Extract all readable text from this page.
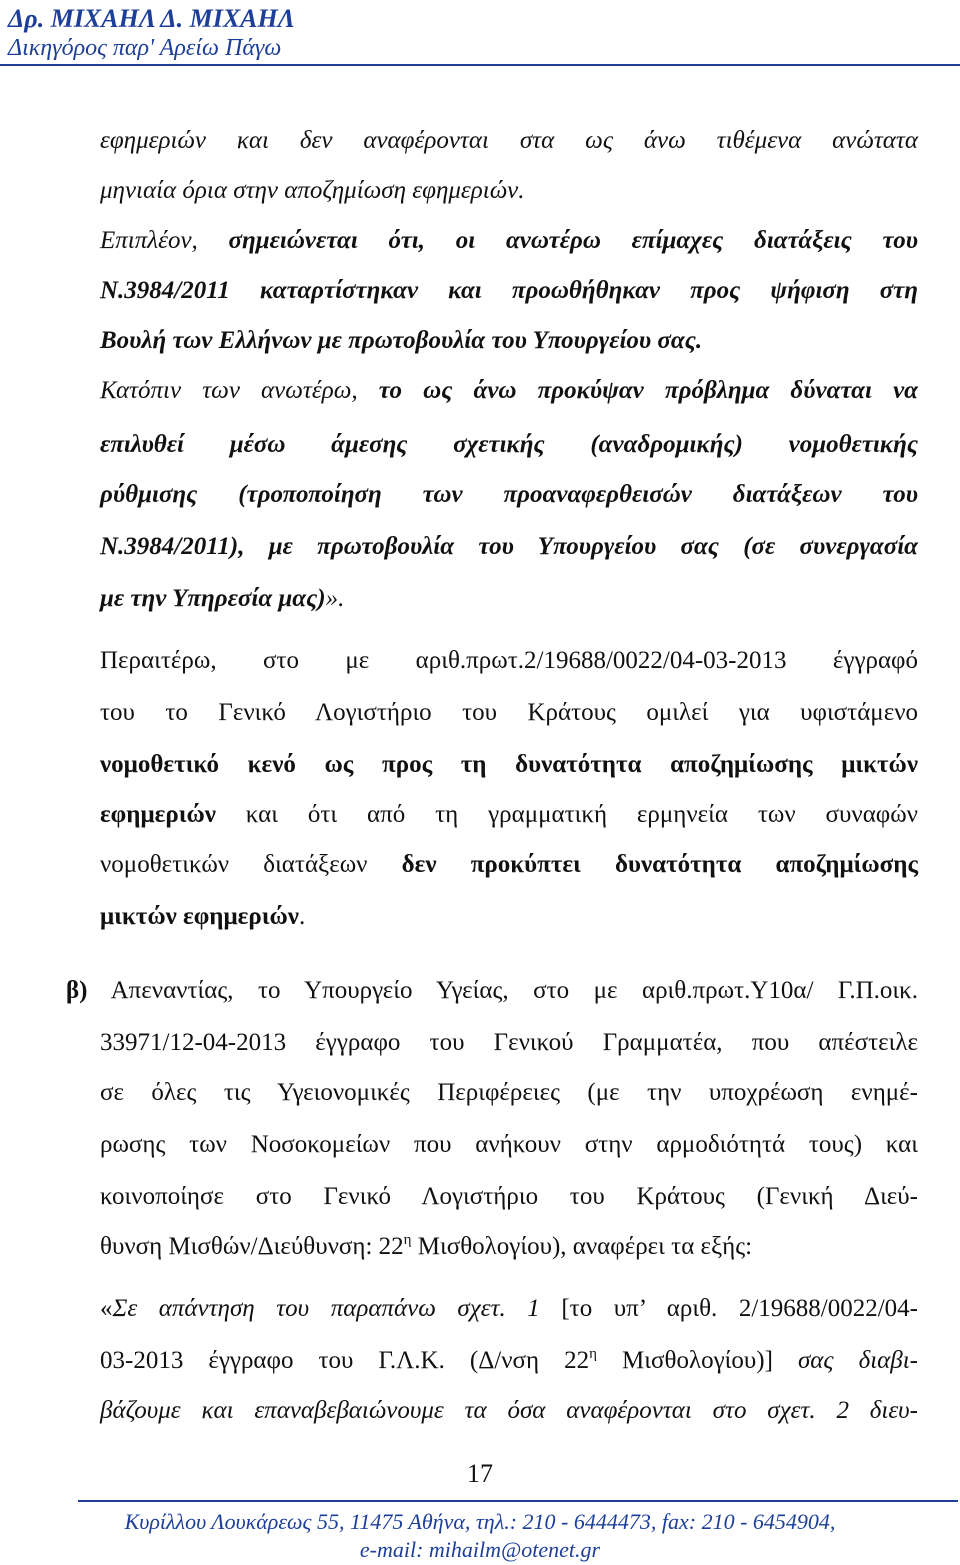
Δρ. ΜΙΧΑΗΛ Δ. ΜΙΧΑΗΛ
Δικηγόρος παρ' Αρείω Πάγω
εφημεριών και δεν αναφέρονται στα ως άνω τιθέμενα ανώτατα
μηνιαία όρια στην αποζημίωση εφημεριών.
Επιπλέον, σημειώνεται ότι, οι ανωτέρω επίμαχες διατάξεις του
Ν.3984/2011 καταρτίστηκαν και προωθήθηκαν προς ψήφιση στη
Βουλή των Ελλήνων με πρωτοβουλία του Υπουργείου σας.
Κατόπιν των ανωτέρω, το ως άνω προκύψαν πρόβλημα δύναται να
επιλυθεί μέσω άμεσης σχετικής (αναδρομικής) νομοθετικής
ρύθμισης (τροποποίηση των προαναφερθεισών διατάξεων του
Ν.3984/2011), με πρωτοβουλία του Υπουργείου σας (σε συνεργασία
με την Υπηρεσία μας)».
Περαιτέρω, στο με αριθ.πρωτ.2/19688/0022/04-03-2013 έγγραφό
του το Γενικό Λογιστήριο του Κράτους ομιλεί για υφιστάμενο
νομοθετικό κενό ως προς τη δυνατότητα αποζημίωσης μικτών
εφημεριών και ότι από τη γραμματική ερμηνεία των συναφών
νομοθετικών διατάξεων δεν προκύπτει δυνατότητα αποζημίωσης
μικτών εφημεριών.
β) Απεναντίας, το Υπουργείο Υγείας, στο με αριθ.πρωτ.Υ10α/ Γ.Π.οικ.
33971/12-04-2013 έγγραφο του Γενικού Γραμματέα, που απέστειλε
σε όλες τις Υγειονομικές Περιφέρειες (με την υποχρέωση ενημέ-
ρωσης των Νοσοκομείων που ανήκουν στην αρμοδιότητά τους) και
κοινοποίησε στο Γενικό Λογιστήριο του Κράτους (Γενική Διεύ-
θυνση Μισθών/Διεύθυνση: $22^\eta$ Μισθολογίου), αναφέρει τα εξής:
«Σε απάντηση του παραπάνω σχετ. 1 [το υπ’ αριθ. 2/19688/0022/04-
03-2013 έγγραφο του Γ.Λ.Κ. (Δ/νση $22^\eta$ Μισθολογίου)] σας διαβι-
βάζουμε και επαναβεβαιώνουμε τα όσα αναφέρονται στο σχετ. 2 διευ-
17
Κυρίλλου Λουκάρεως 55, 11475 Αθήνα, τηλ.: 210 - 6444473, fax: 210 - 6454904,
e-mail: mihailm@otenet.gr
